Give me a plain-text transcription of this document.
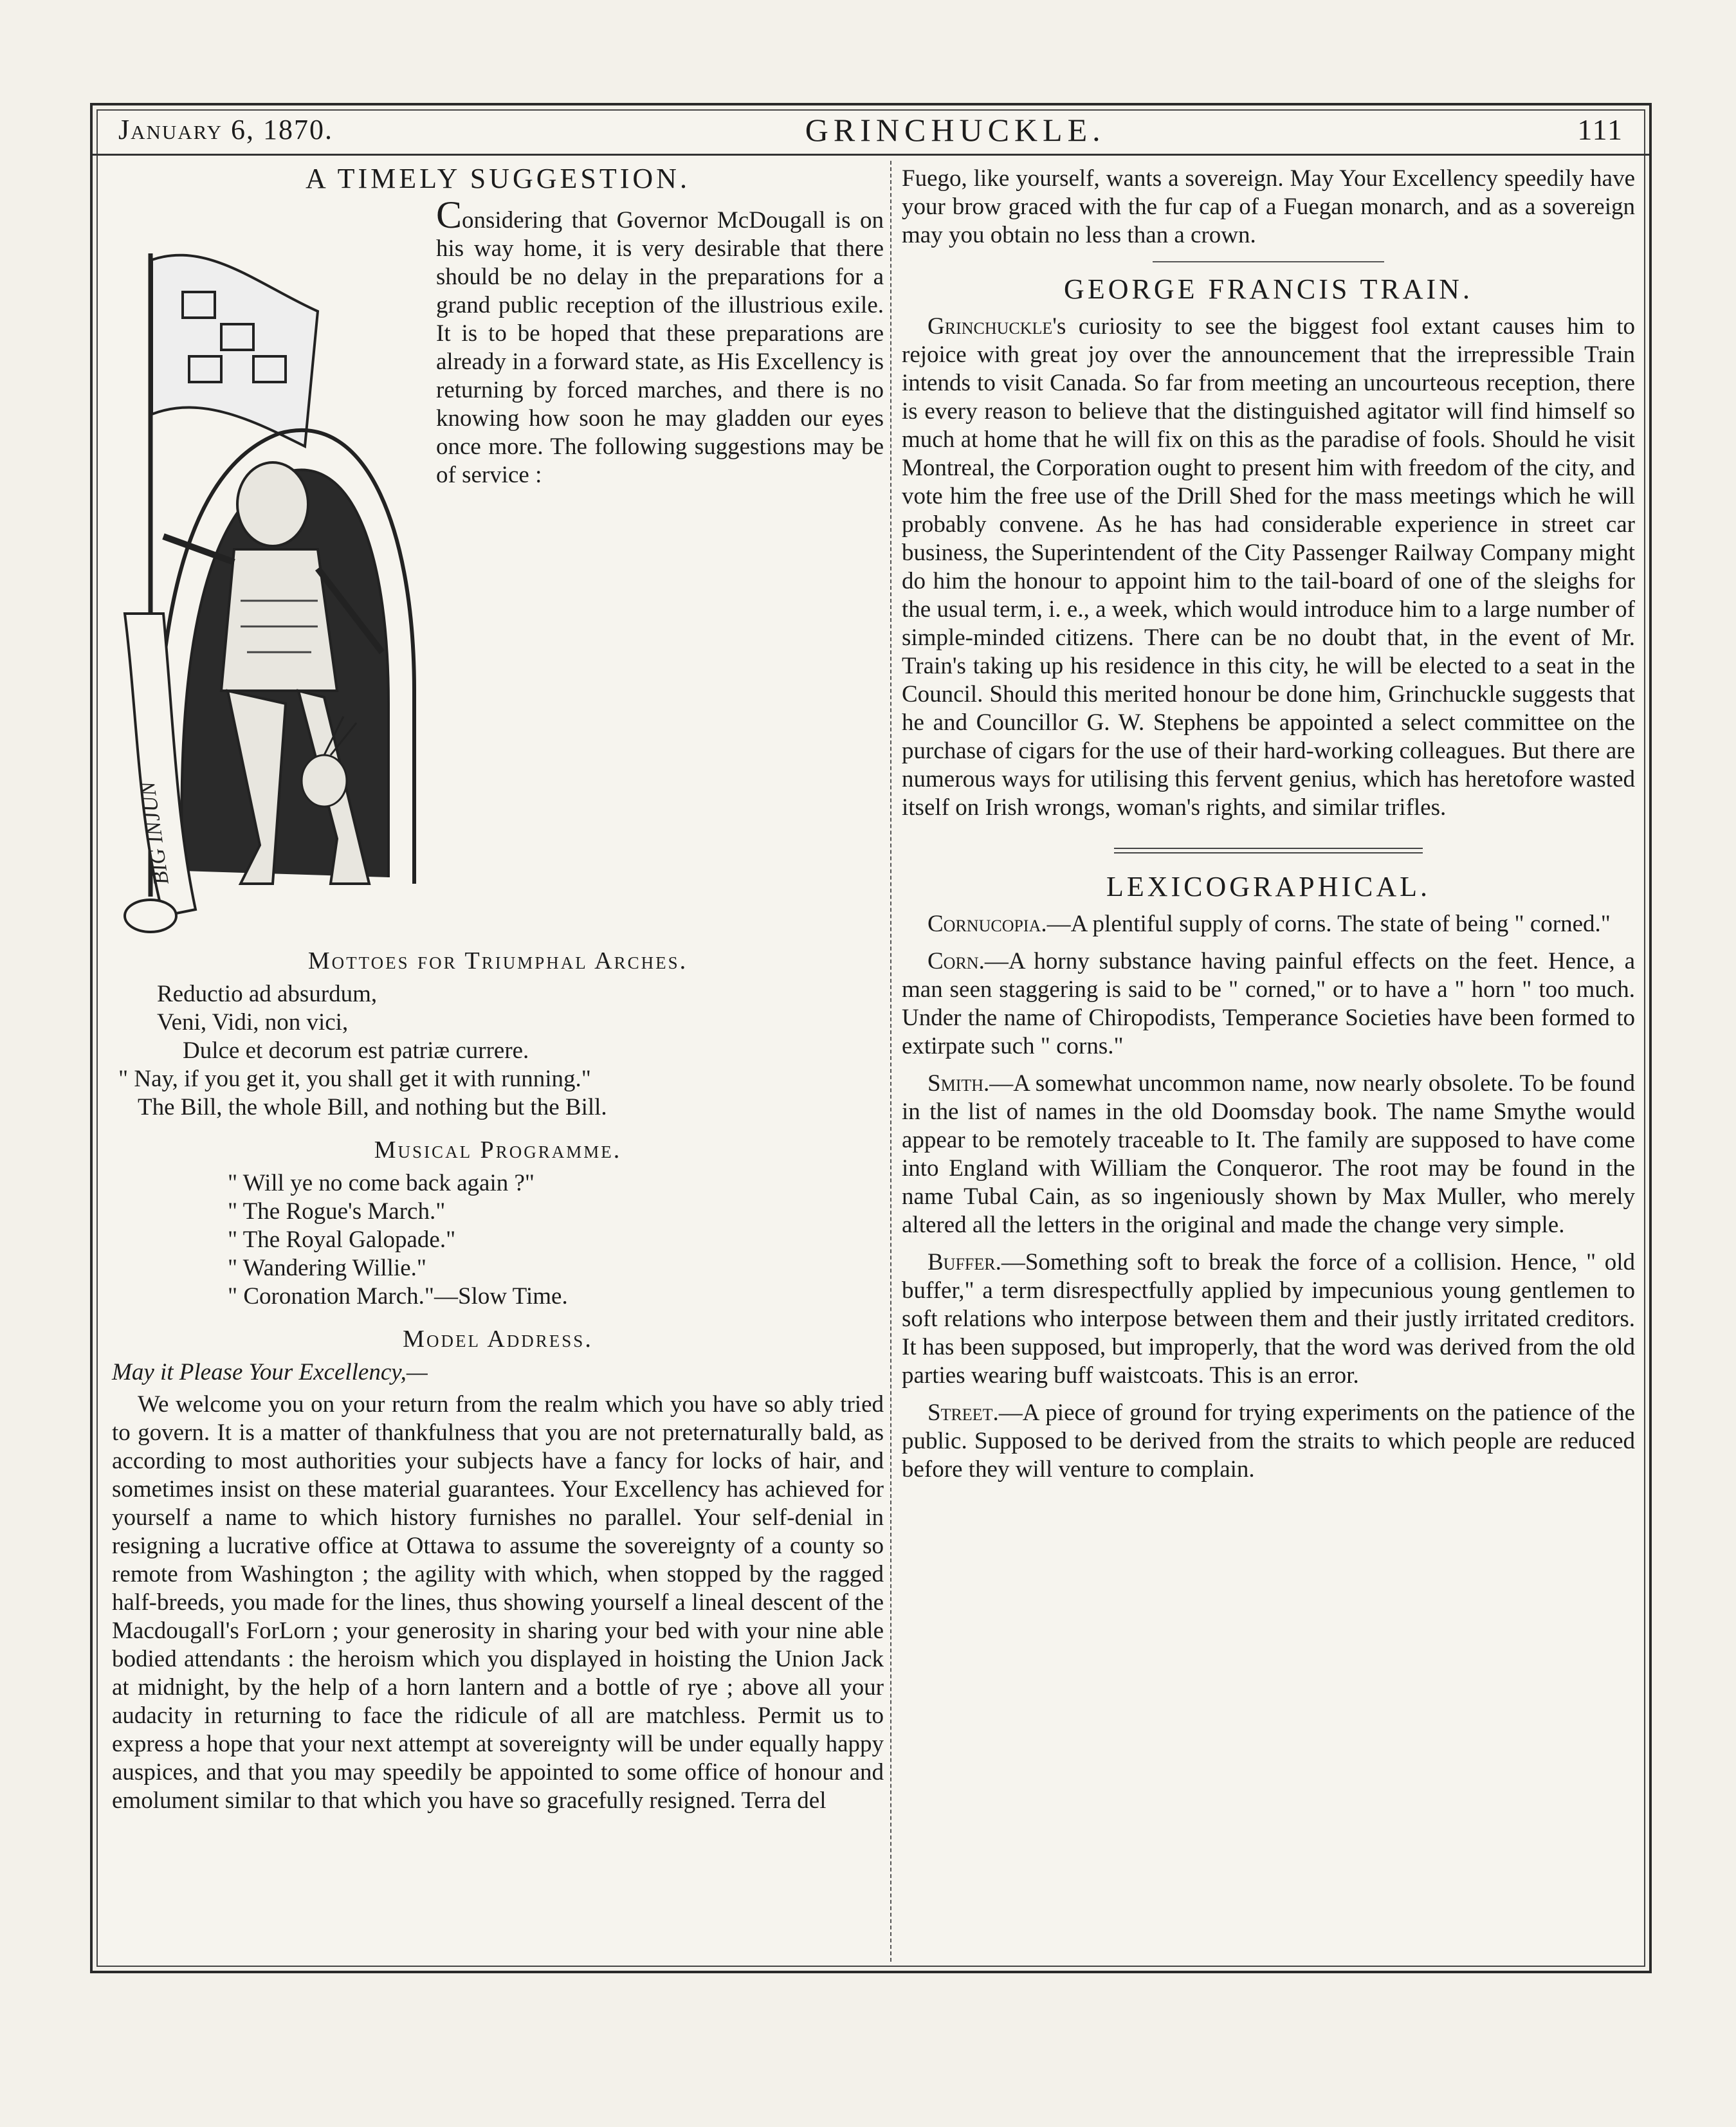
January 6, 1870.	GRINCHUCKLE.	111
A TIMELY SUGGESTION.
BIG INJUN

Considering that Governor McDougall is on his way home, it is very desirable that there should be no delay in the preparations for a grand public reception of the illustrious exile. It is to be hoped that these preparations are already in a forward state, as His Excellency is returning by forced marches, and there is no knowing how soon he may gladden our eyes once more. The following suggestions may be of service :

Mottoes for Triumphal Arches.
Reductio ad absurdum,
Veni, Vidi, non vici,
Dulce et decorum est patriæ currere.
" Nay, if you get it, you shall get it with running."
The Bill, the whole Bill, and nothing but the Bill.
Musical Programme.
" Will ye no come back again ?"
" The Rogue's March."
" The Royal Galopade."
" Wandering Willie."
" Coronation March."—Slow Time.
Model Address.

May it Please Your Excellency,—

We welcome you on your return from the realm which you have so ably tried to govern. It is a matter of thankfulness that you are not preternaturally bald, as according to most authorities your subjects have a fancy for locks of hair, and sometimes insist on these material guarantees. Your Excellency has achieved for yourself a name to which history furnishes no parallel. Your self-denial in resigning a lucrative office at Ottawa to assume the sovereignty of a county so remote from Washington ; the agility with which, when stopped by the ragged half-breeds, you made for the lines, thus showing yourself a lineal descent of the Macdougall's ForLorn ; your generosity in sharing your bed with your nine able bodied attendants : the heroism which you displayed in hoisting the Union Jack at midnight, by the help of a horn lantern and a bottle of rye ; above all your audacity in returning to face the ridicule of all are matchless. Permit us to express a hope that your next attempt at sovereignty will be under equally happy auspices, and that you may speedily be appointed to some office of honour and emolument similar to that which you have so gracefully resigned. Terra del

Fuego, like yourself, wants a sovereign. May Your Excellency speedily have your brow graced with the fur cap of a Fuegan monarch, and as a sovereign may you obtain no less than a crown.

GEORGE FRANCIS TRAIN.

Grinchuckle's curiosity to see the biggest fool extant causes him to rejoice with great joy over the announcement that the irrepressible Train intends to visit Canada. So far from meeting an uncourteous reception, there is every reason to believe that the distinguished agitator will find himself so much at home that he will fix on this as the paradise of fools. Should he visit Montreal, the Corporation ought to present him with freedom of the city, and vote him the free use of the Drill Shed for the mass meetings which he will probably convene. As he has had considerable experience in street car business, the Superintendent of the City Passenger Railway Company might do him the honour to appoint him to the tail-board of one of the sleighs for the usual term, i. e., a week, which would introduce him to a large number of simple-minded citizens. There can be no doubt that, in the event of Mr. Train's taking up his residence in this city, he will be elected to a seat in the Council. Should this merited honour be done him, Grinchuckle suggests that he and Councillor G. W. Stephens be appointed a select committee on the purchase of cigars for the use of their hard-working colleagues. But there are numerous ways for utilising this fervent genius, which has heretofore wasted itself on Irish wrongs, woman's rights, and similar trifles.

LEXICOGRAPHICAL.

Cornucopia.—A plentiful supply of corns. The state of being " corned."

Corn.—A horny substance having painful effects on the feet. Hence, a man seen staggering is said to be " corned," or to have a " horn " too much. Under the name of Chiropodists, Temperance Societies have been formed to extirpate such " corns."

Smith.—A somewhat uncommon name, now nearly obsolete. To be found in the list of names in the old Doomsday book. The name Smythe would appear to be remotely traceable to It. The family are supposed to have come into England with William the Conqueror. The root may be found in the name Tubal Cain, as so ingeniously shown by Max Muller, who merely altered all the letters in the original and made the change very simple.

Buffer.—Something soft to break the force of a collision. Hence, " old buffer," a term disrespectfully applied by impecunious young gentlemen to soft relations who interpose between them and their justly irritated creditors. It has been supposed, but improperly, that the word was derived from the old parties wearing buff waistcoats. This is an error.

Street.—A piece of ground for trying experiments on the patience of the public. Supposed to be derived from the straits to which people are reduced before they will venture to complain.
